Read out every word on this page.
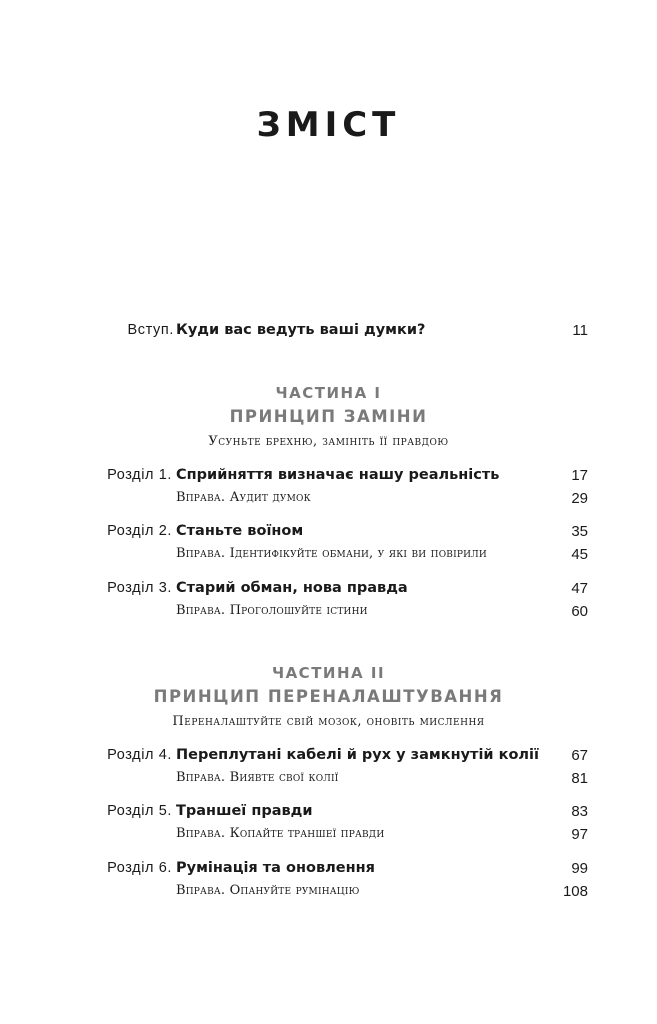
ЗМІСТ
Вступ. Куди вас ведуть ваші думки?	11
ЧАСТИНА I
ПРИНЦИП ЗАМІНИ
Усуньте брехню, замініть її правдою
Розділ 1. Сприйняття визначає нашу реальність	17
Вправа. Аудит думок	29
Розділ 2. Станьте воїном	35
Вправа. Ідентифікуйте обмани, у які ви повірили	45
Розділ 3. Старий обман, нова правда	47
Вправа. Проголошуйте істини	60
ЧАСТИНА II
ПРИНЦИП ПЕРЕНАЛАШТУВАННЯ
Переналаштуйте свій мозок, оновіть мислення
Розділ 4. Переплутані кабелі й рух у замкнутій колії 67
Вправа. Виявте свої колії	81
Розділ 5. Траншеї правди	83
Вправа. Копайте траншеї правди	97
Розділ 6. Румінація та оновлення	99
Вправа. Опануйте румінацію	108
